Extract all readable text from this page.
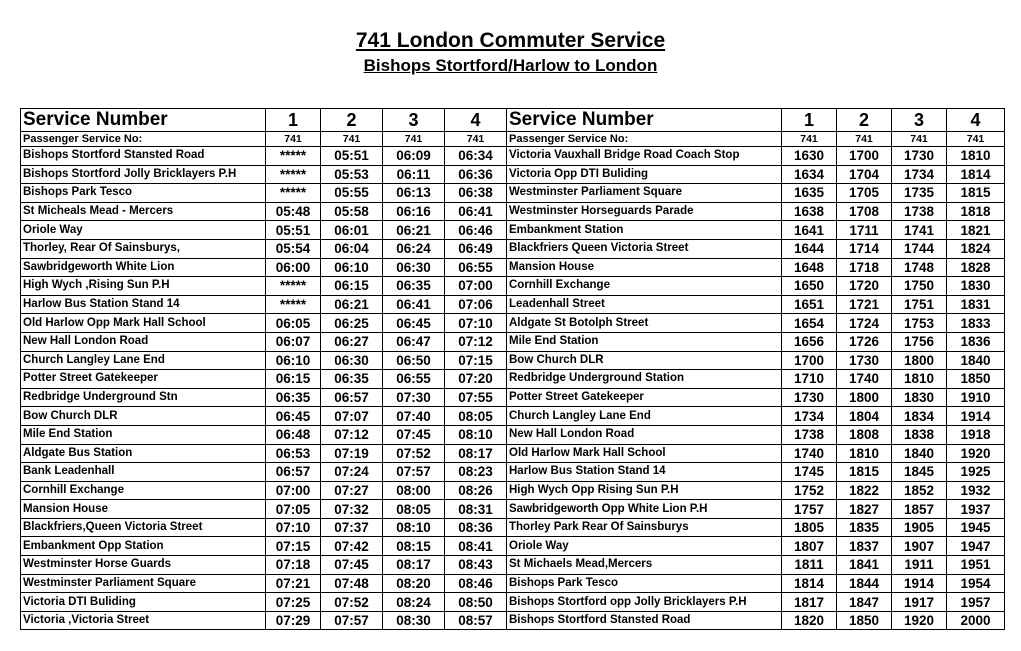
741 London Commuter Service
Bishops Stortford/Harlow to London
Service Number	1	2	3	4	Service Number	1	2	3	4
Passenger Service No:	741	741	741	741	Passenger Service No:	741	741	741	741
Bishops Stortford Stansted Road	*****	05:51	06:09	06:34	Victoria Vauxhall Bridge Road Coach Stop	1630	1700	1730	1810
Bishops Stortford Jolly Bricklayers P.H	*****	05:53	06:11	06:36	Victoria Opp DTI Buliding	1634	1704	1734	1814
Bishops Park Tesco	*****	05:55	06:13	06:38	Westminster Parliament Square	1635	1705	1735	1815
St Micheals Mead - Mercers	05:48	05:58	06:16	06:41	Westminster Horseguards Parade	1638	1708	1738	1818
Oriole Way	05:51	06:01	06:21	06:46	Embankment Station	1641	1711	1741	1821
Thorley, Rear Of Sainsburys,	05:54	06:04	06:24	06:49	Blackfriers Queen Victoria Street	1644	1714	1744	1824
Sawbridgeworth White Lion	06:00	06:10	06:30	06:55	Mansion House	1648	1718	1748	1828
High Wych ,Rising Sun P.H	*****	06:15	06:35	07:00	Cornhill Exchange	1650	1720	1750	1830
Harlow Bus Station Stand 14	*****	06:21	06:41	07:06	Leadenhall Street	1651	1721	1751	1831
Old Harlow Opp Mark Hall School	06:05	06:25	06:45	07:10	Aldgate St Botolph Street	1654	1724	1753	1833
New Hall London Road	06:07	06:27	06:47	07:12	Mile End Station	1656	1726	1756	1836
Church Langley Lane End	06:10	06:30	06:50	07:15	Bow Church DLR	1700	1730	1800	1840
Potter Street Gatekeeper	06:15	06:35	06:55	07:20	Redbridge Underground Station	1710	1740	1810	1850
Redbridge Underground Stn	06:35	06:57	07:30	07:55	Potter Street Gatekeeper	1730	1800	1830	1910
Bow Church DLR	06:45	07:07	07:40	08:05	Church Langley Lane End	1734	1804	1834	1914
Mile End Station	06:48	07:12	07:45	08:10	New Hall London Road	1738	1808	1838	1918
Aldgate Bus Station	06:53	07:19	07:52	08:17	Old Harlow Mark Hall School	1740	1810	1840	1920
Bank Leadenhall	06:57	07:24	07:57	08:23	Harlow Bus Station Stand 14	1745	1815	1845	1925
Cornhill Exchange	07:00	07:27	08:00	08:26	High Wych Opp Rising Sun P.H	1752	1822	1852	1932
Mansion House	07:05	07:32	08:05	08:31	Sawbridgeworth Opp White Lion P.H	1757	1827	1857	1937
Blackfriers,Queen Victoria Street	07:10	07:37	08:10	08:36	Thorley Park Rear Of Sainsburys	1805	1835	1905	1945
Embankment Opp Station	07:15	07:42	08:15	08:41	Oriole Way	1807	1837	1907	1947
Westminster Horse Guards	07:18	07:45	08:17	08:43	St Michaels Mead,Mercers	1811	1841	1911	1951
Westminster Parliament Square	07:21	07:48	08:20	08:46	Bishops Park Tesco	1814	1844	1914	1954
Victoria DTI Buliding	07:25	07:52	08:24	08:50	Bishops Stortford opp Jolly Bricklayers P.H	1817	1847	1917	1957
Victoria ,Victoria Street	07:29	07:57	08:30	08:57	Bishops Stortford Stansted Road	1820	1850	1920	2000
